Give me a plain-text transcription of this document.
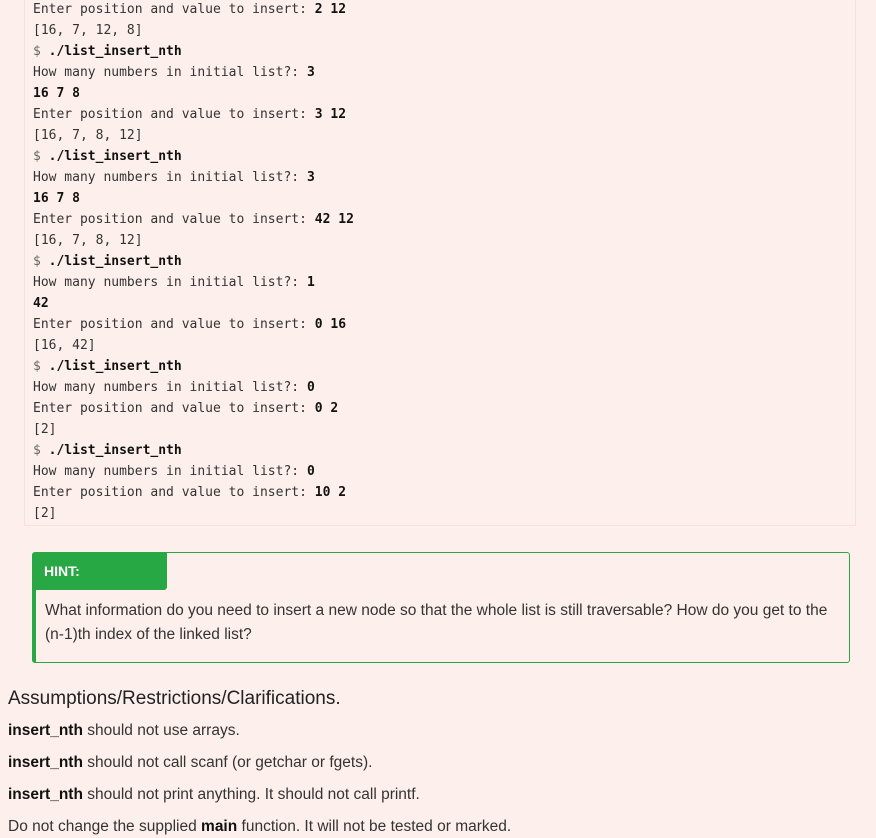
Enter position and value to insert: 2 12
[16, 7, 12, 8]
$ ./list_insert_nth
How many numbers in initial list?: 3
16 7 8
Enter position and value to insert: 3 12
[16, 7, 8, 12]
$ ./list_insert_nth
How many numbers in initial list?: 3
16 7 8
Enter position and value to insert: 42 12
[16, 7, 8, 12]
$ ./list_insert_nth
How many numbers in initial list?: 1
42
Enter position and value to insert: 0 16
[16, 42]
$ ./list_insert_nth
How many numbers in initial list?: 0
Enter position and value to insert: 0 2
[2]
$ ./list_insert_nth
How many numbers in initial list?: 0
Enter position and value to insert: 10 2
[2]
HINT:
What information do you need to insert a new node so that the whole list is still traversable? How do you get to the (n-1)th index of the linked list?
Assumptions/Restrictions/Clarifications.
insert_nth should not use arrays.
insert_nth should not call scanf (or getchar or fgets).
insert_nth should not print anything. It should not call printf.
Do not change the supplied main function. It will not be tested or marked.
